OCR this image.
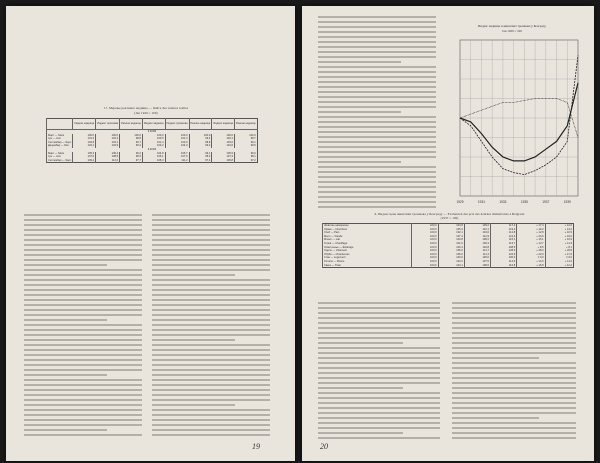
17. Мерење реалниох надница — Indice des salaires reelles
(Јан 1929 = 100)
	Индекс надница	Индекс трошкова	Реалне наднице	Индекс надница	Индекс трошкова	Реалне наднице	Индекс надница	Реалне наднице
1 9 3 8								
Март — Mars	100,0	100,0	100,0	100,0	100,0	100,0	100,0	100,0
Јун — Juin	101,2	102,4	98,8	100,5	101,3	99,2	102,1	98,7
Септембар — Sept.	102,8	103,1	99,7	101,4	102,6	98,8	103,0	99,1
Децембар — Déc.	104,1	104,9	99,2	103,2	104,0	99,2	104,6	99,5
1 9 3 9								
Март — Mars	105,3	106,2	99,2	104,8	105,7	99,1	105,9	99,0
Јун — Juin	107,0	108,5	98,6	106,1	107,9	98,3	107,4	98,1
Септембар — Sept.	109,4	112,0	97,7	108,3	111,2	97,4	109,8	97,2
19
Индекс надница и животних трошкова у Београду
Јан 1929 = 100
1929	1931	1933	1935	1937	1939
6. Индекс цена животних трошкова у Београду — Evaluation des prix des denrées alimentaires à Belgrade
(1937 = 100)
Животне намирнице	100,0	104,8	109,2	117,4	+ 17,4	+ 12,0
Храна — Nourriture	100,0	105,3	110,1	119,2	+ 19,2	+ 13,2
Хлеб — Pain	100,0	102,1	104,6	112,8	+ 12,8	+ 10,5
Месо — Viande	100,0	107,4	112,9	124,6	+ 24,6	+ 16,0
Млеко — Lait	100,0	103,8	108,2	115,1	+ 15,1	+ 10,9
Огрев — Chauffage	100,0	101,6	106,3	113,7	+ 13,7	+ 11,9
Осветљење — Éclairage	100,0	100,4	102,8	108,5	+ 8,5	+ 8,1
Одело — Vêtement	100,0	106,2	114,7	128,3	+ 28,3	+ 20,8
Обућа — Chaussures	100,0	105,0	111,4	122,9	+ 22,9	+ 17,0
Стан — Logement	100,0	100,0	100,0	100,0	± 0,0	± 0,0
Остало — Divers	100,0	103,2	107,5	114,6	+ 14,6	+ 11,0
Свега — Total	100,0	104,1	108,6	116,8	+ 16,8	+ 12,2
20
